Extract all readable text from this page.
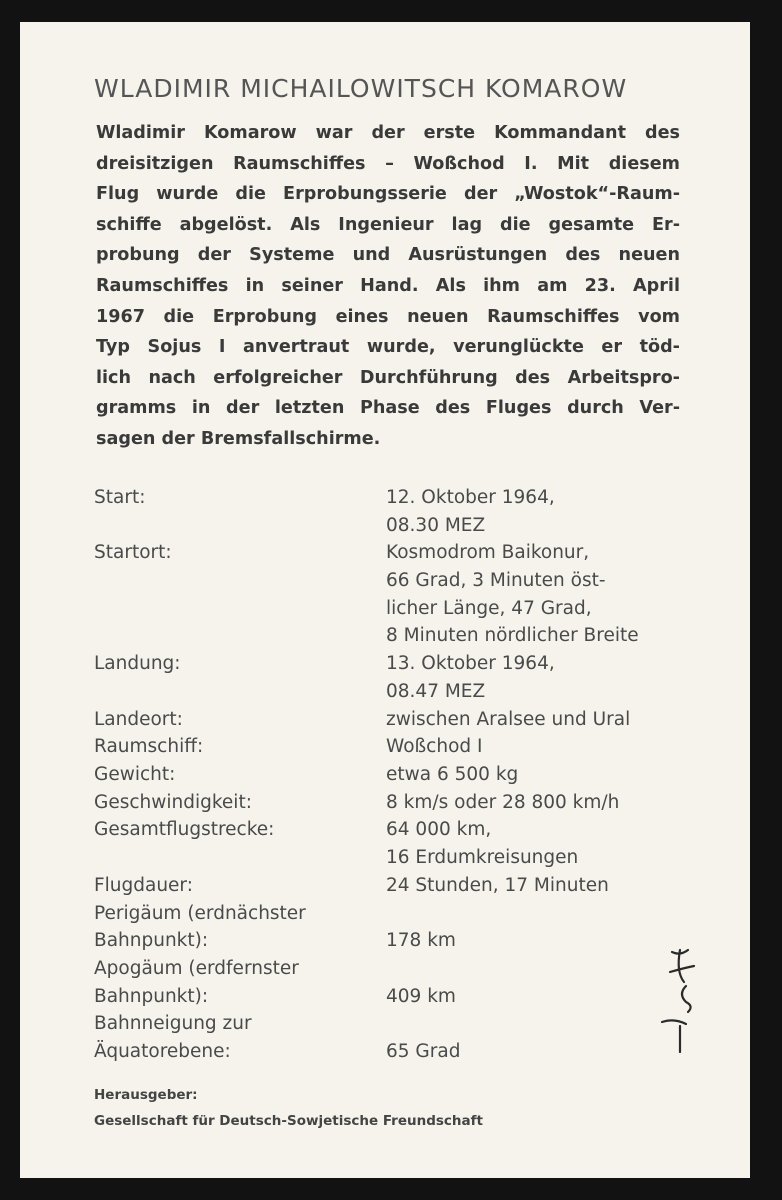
WLADIMIR MICHAILOWITSCH KOMAROW
Wladimir Komarow war der erste Kommandant des
dreisitzigen Raumschiffes – Woßchod I. Mit diesem
Flug wurde die Erprobungsserie der „Wostok“-Raum-
schiffe abgelöst. Als Ingenieur lag die gesamte Er-
probung der Systeme und Ausrüstungen des neuen
Raumschiffes in seiner Hand. Als ihm am 23. April
1967 die Erprobung eines neuen Raumschiffes vom
Typ Sojus I anvertraut wurde, verunglückte er töd-
lich nach erfolgreicher Durchführung des Arbeitspro-
gramms in der letzten Phase des Fluges durch Ver-
sagen der Bremsfallschirme.
Start:	12. Oktober 1964,
08.30 MEZ
Startort:	Kosmodrom Baikonur,
66 Grad, 3 Minuten öst-
licher Länge, 47 Grad,
8 Minuten nördlicher Breite
Landung:	13. Oktober 1964,
08.47 MEZ
Landeort:	zwischen Aralsee und Ural
Raumschiff:	Woßchod I
Gewicht:	etwa 6 500 kg
Geschwindigkeit:	8 km/s oder 28 800 km/h
Gesamtflugstrecke:	64 000 km,
16 Erdumkreisungen
Flugdauer:	24 Stunden, 17 Minuten
Perigäum (erdnächster
Bahnpunkt):	178 km
Apogäum (erdfernster
Bahnpunkt):	409 km
Bahnneigung zur
Äquatorebene:	65 Grad
Herausgeber:
Gesellschaft für Deutsch-Sowjetische Freundschaft
